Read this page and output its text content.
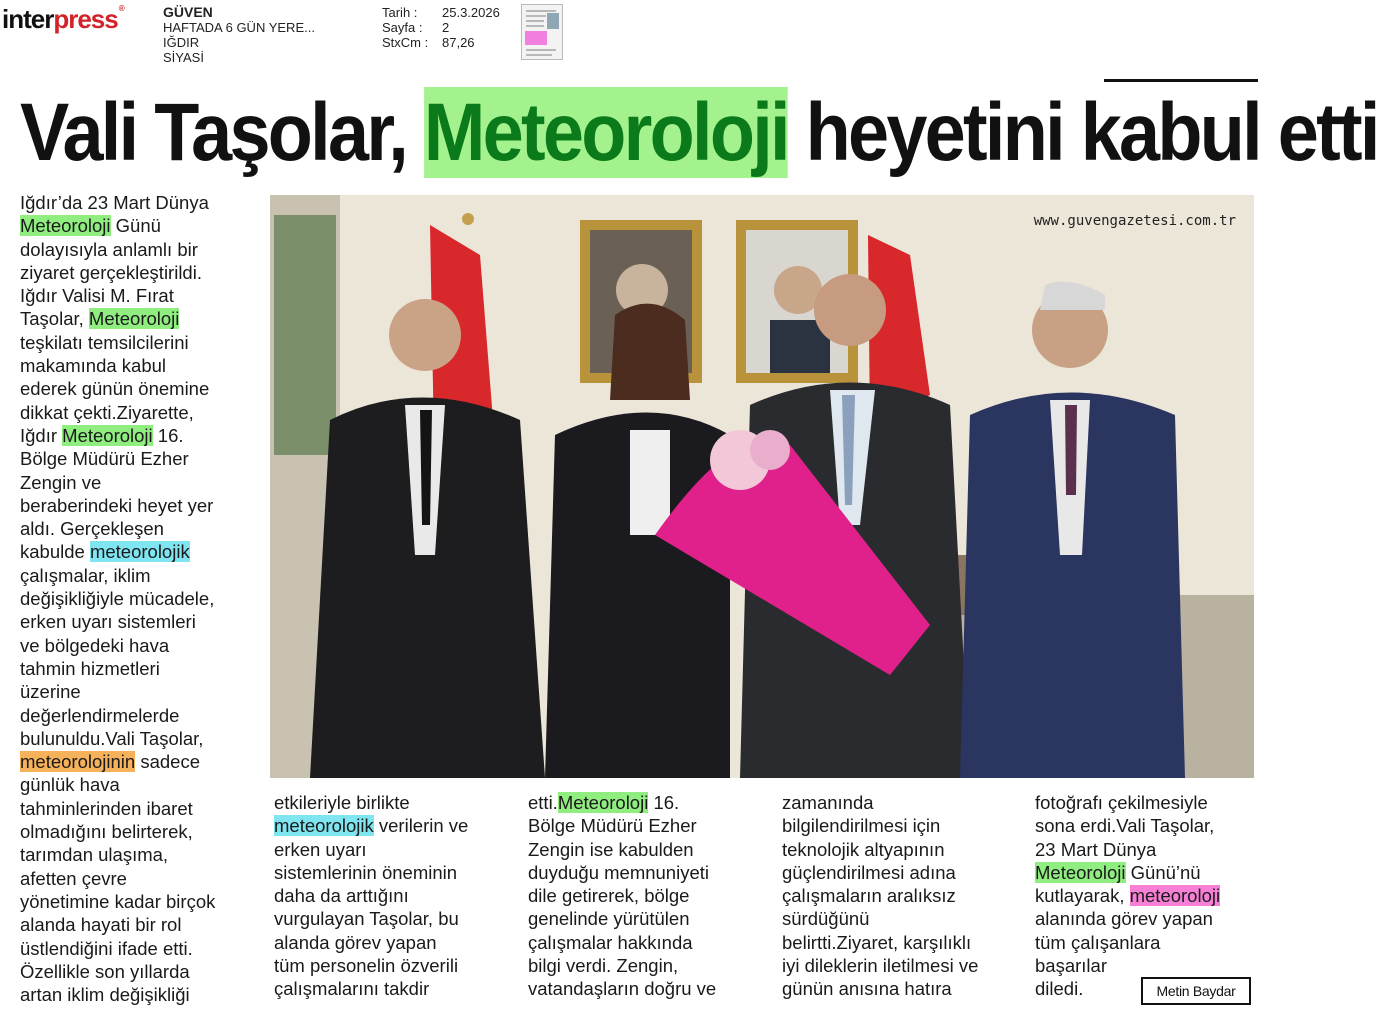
interpress®	GÜVEN
HAFTADA 6 GÜN YERE...
IĞDIR
SİYASİ
Tarih :	25.3.2026
Sayfa :	2
StxCm :	87,26
Vali Taşolar, Meteoroloji heyetini kabul etti
Iğdır’da 23 Mart Dünya
Meteoroloji Günü
dolayısıyla anlamlı bir
ziyaret gerçekleştirildi.
Iğdır Valisi M. Fırat
Taşolar, Meteoroloji
teşkilatı temsilcilerini
makamında kabul
ederek günün önemine
dikkat çekti.Ziyarette,
Iğdır Meteoroloji 16.
Bölge Müdürü Ezher
Zengin ve
beraberindeki heyet yer
aldı. Gerçekleşen
kabulde meteorolojik
çalışmalar, iklim
değişikliğiyle mücadele,
erken uyarı sistemleri
ve bölgedeki hava
tahmin hizmetleri
üzerine
değerlendirmelerde
bulunuldu.Vali Taşolar,
meteorolojinin sadece
günlük hava
tahminlerinden ibaret
olmadığını belirterek,
tarımdan ulaşıma,
afetten çevre
yönetimine kadar birçok
alanda hayati bir rol
üstlendiğini ifade etti.
Özellikle son yıllarda
artan iklim değişikliği
www.guvengazetesi.com.tr
etkileriyle birlikte
meteorolojik verilerin ve
erken uyarı
sistemlerinin öneminin
daha da arttığını
vurgulayan Taşolar, bu
alanda görev yapan
tüm personelin özverili
çalışmalarını takdir
etti.Meteoroloji 16.
Bölge Müdürü Ezher
Zengin ise kabulden
duyduğu memnuniyeti
dile getirerek, bölge
genelinde yürütülen
çalışmalar hakkında
bilgi verdi. Zengin,
vatandaşların doğru ve
zamanında
bilgilendirilmesi için
teknolojik altyapının
güçlendirilmesi adına
çalışmaların aralıksız
sürdüğünü
belirtti.Ziyaret, karşılıklı
iyi dileklerin iletilmesi ve
günün anısına hatıra
fotoğrafı çekilmesiyle
sona erdi.Vali Taşolar,
23 Mart Dünya
Meteoroloji Günü’nü
kutlayarak, meteoroloji
alanında görev yapan
tüm çalışanlara
başarılar
diledi.	Metin Baydar
